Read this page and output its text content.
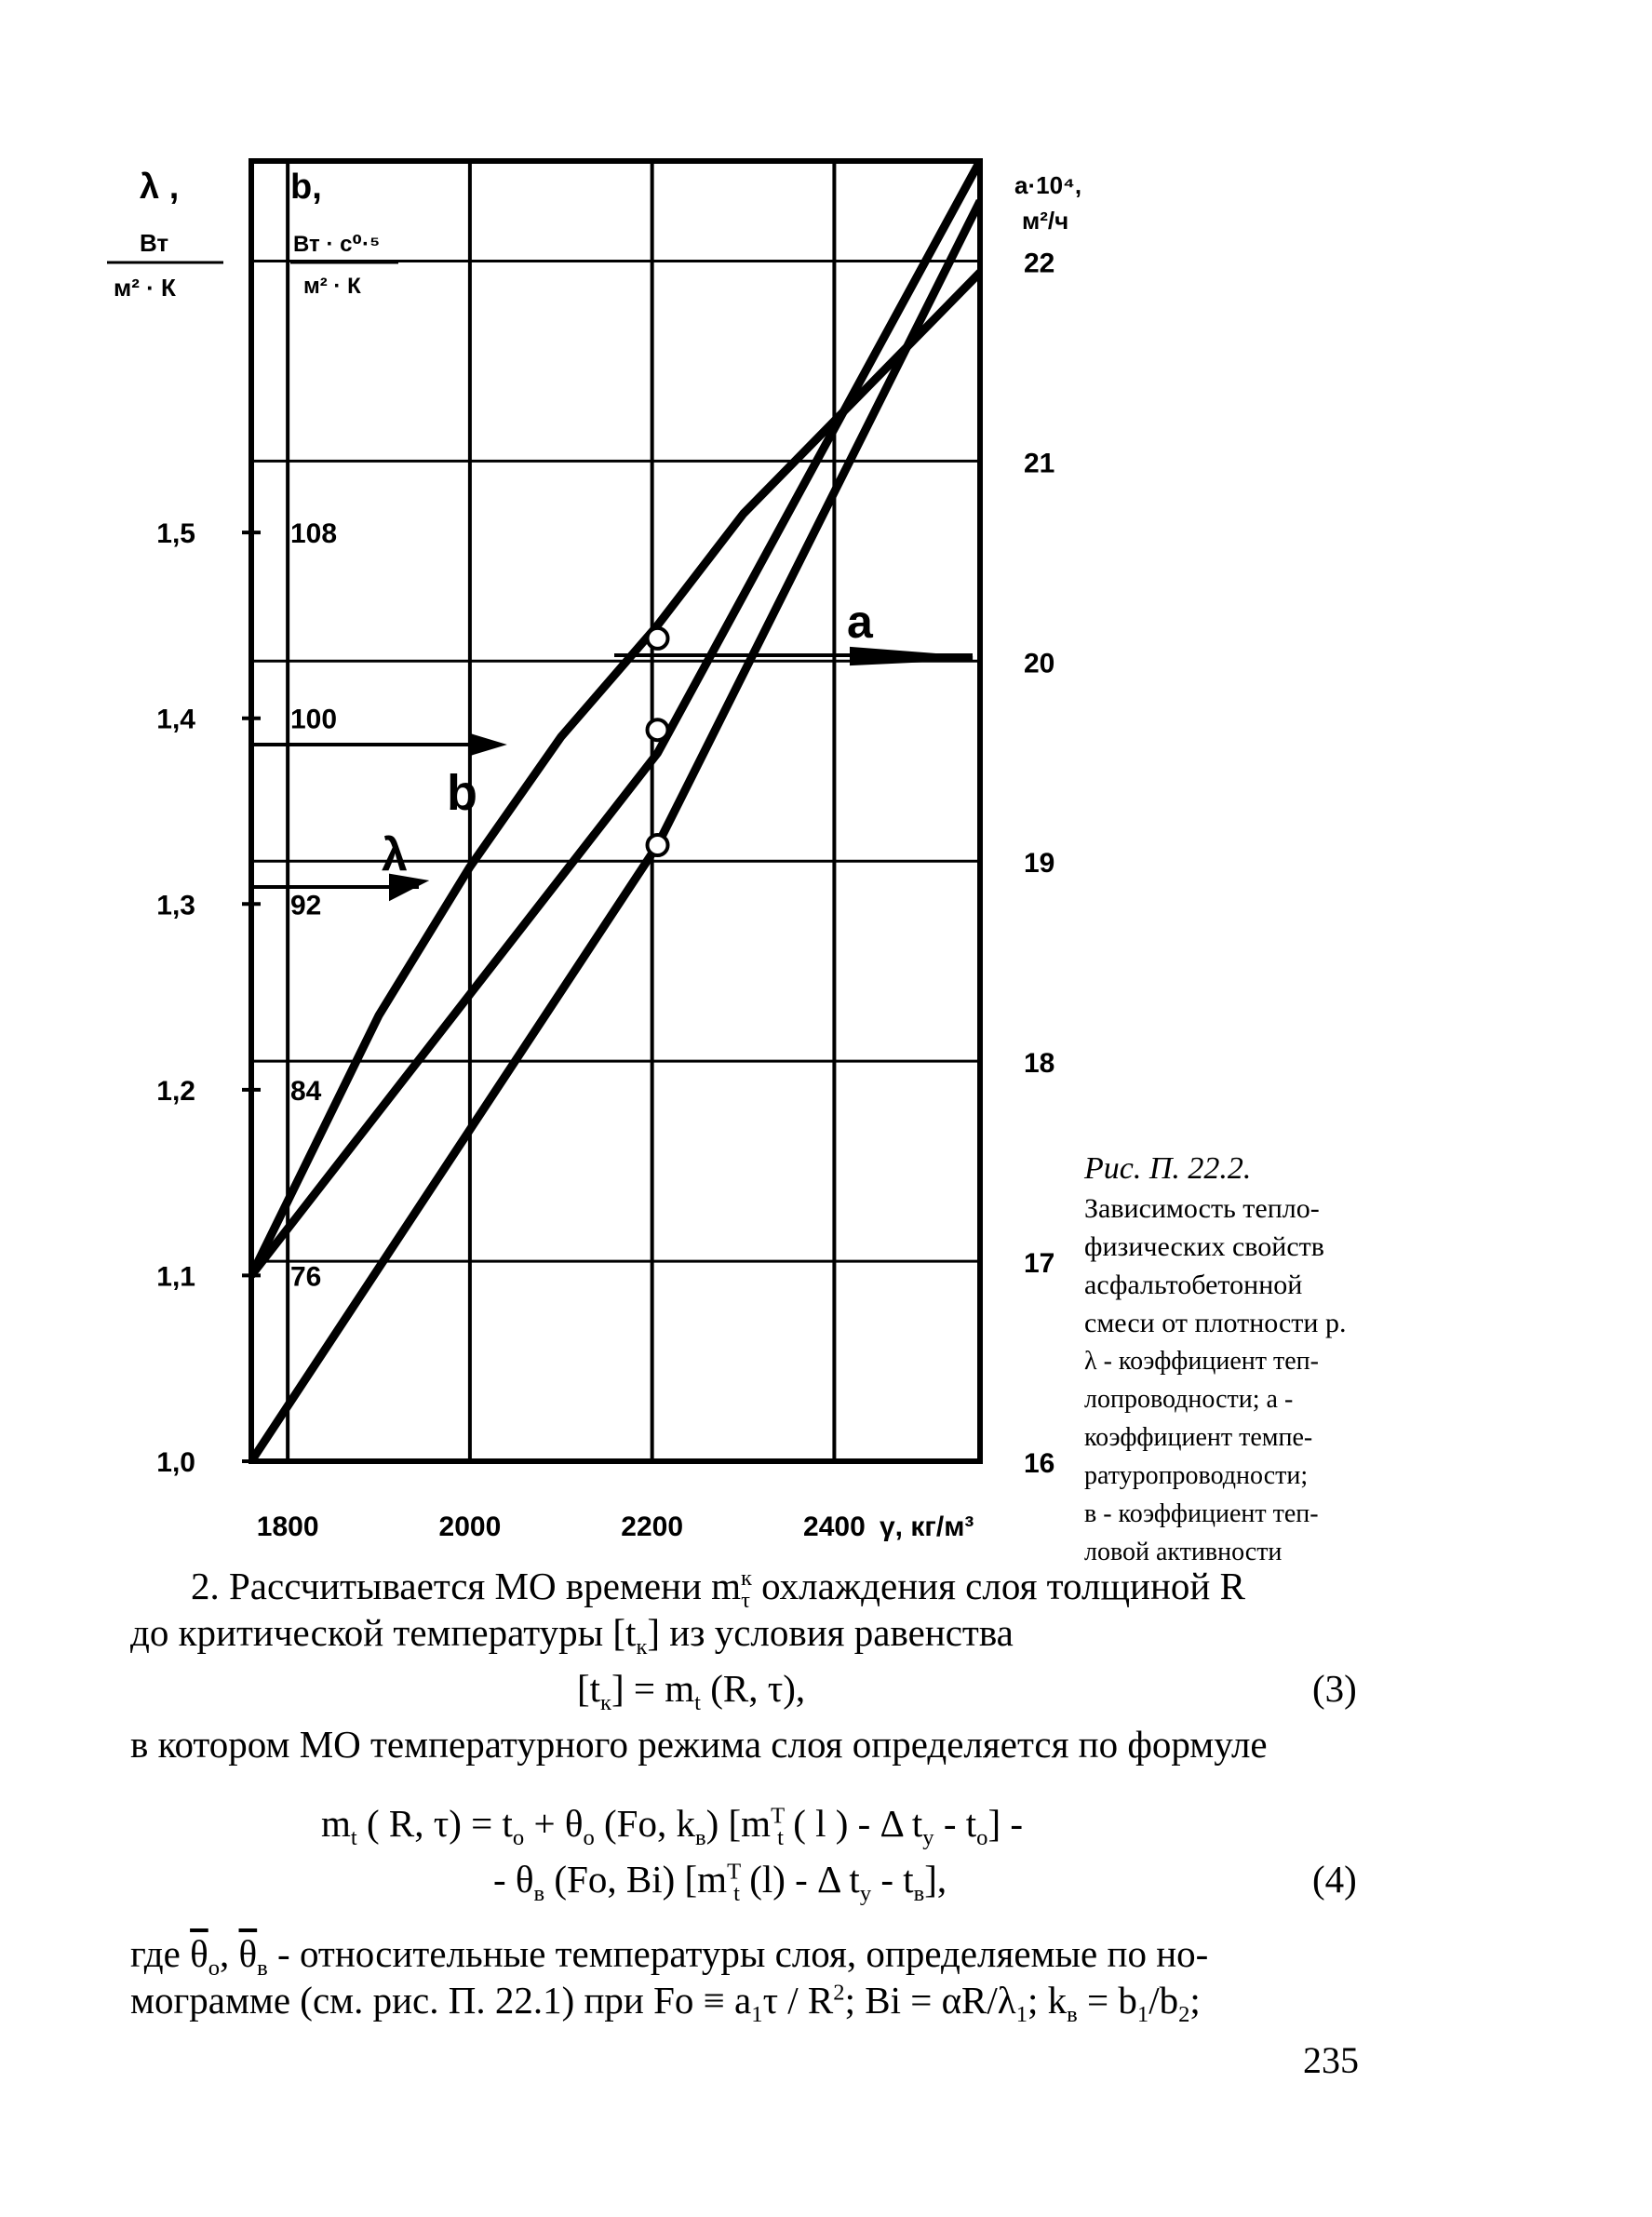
λ ,
Вт
м² · К
b,
Вт · с⁰·⁵
м² · К
а·10⁴,
м²/ч
γ, кг/м³
1800	2000	2200	2400
16
17
18
19
20
21
22
1,0
1,1
1,2
1,3
1,4
1,5
76
84
92
100
108
λ
b
a
Рис. П. 22.2.
Зависимость тепло-
физических свойств
асфальтобетонной
смеси от плотности р.
λ - коэффициент теп-
лопроводности; а -
коэффициент темпе-
ратуропроводности;
в - коэффициент теп-
ловой активности
2. Рассчитывается МО времени $m_\tau^к$ охлаждения слоя толщиной R
до критической температуры $[t_к]$ из условия равенства
$[t_к] = m_t$ (R, τ),	(3)
в котором МО температурного режима слоя определяется по формуле
$m_t$ ( R, $\tau) = t_о + \theta_о$ (Fo, $k_в$) [$m^T_t$ ( l ) - Δ $t_y - t_о$] -
- $\theta_в$ (Fo, Bi) [$m^T_t$ (l) - Δ $t_y - t_в$],	(4)
где $\overline{\theta}_о$, $\overline{\theta}_в$ - относительные температуры слоя, определяемые по но-
мограмме (см. рис. П. 22.1) при $Fo \equiv a_1\tau / R^2$; $Bi = \alpha R/\lambda_1$; $k_в = b_1/b_2$;
235
